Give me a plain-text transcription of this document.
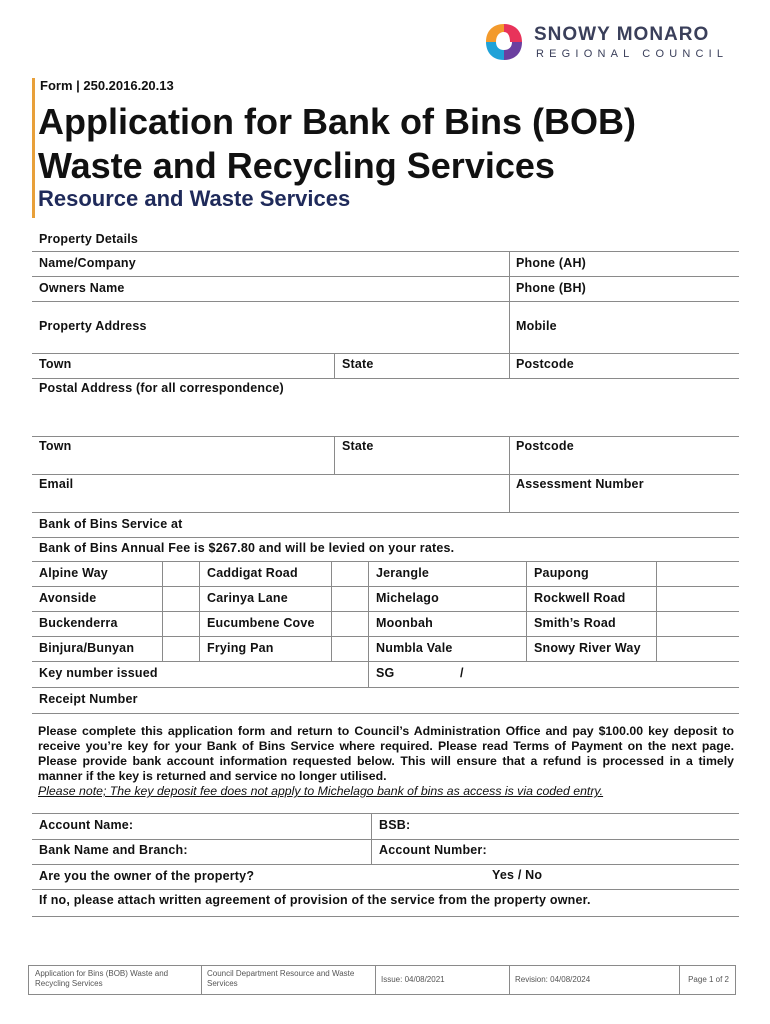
SNOWY MONARO
REGIONAL COUNCIL
Form | 250.2016.20.13
Application for Bank of Bins (BOB)
Waste and Recycling Services
Resource and Waste Services
Property Details
Name/Company	Phone (AH)
Owners Name	Phone (BH)
Property Address	Mobile
Town	State	Postcode
Postal Address (for all correspondence)
Town	State	Postcode
Email	Assessment Number
Bank of Bins Service at
Bank of Bins Annual Fee is $267.80 and will be levied on your rates.
Alpine Way	Caddigat Road	Jerangle	Paupong
Avonside	Carinya Lane	Michelago	Rockwell Road
Buckenderra	Eucumbene Cove	Moonbah	Smith’s Road
Binjura/Bunyan	Frying Pan	Numbla Vale	Snowy River Way
Key number issued	SG	/
Receipt Number
Please complete this application form and return to Council’s Administration Office and pay $100.00 key deposit to receive you’re key for your Bank of Bins Service where required. Please read Terms of Payment on the next page. Please provide bank account information requested below. This will ensure that a refund is processed in a timely manner if the key is returned and service no longer utilised.
Please note; The key deposit fee does not apply to Michelago bank of bins as access is via coded entry.
Account Name:	BSB:
Bank Name and Branch:	Account Number:
Are you the owner of the property?	Yes / No
If no, please attach written agreement of provision of the service from the property owner.
Application for Bins (BOB) Waste and Recycling Services
Council Department Resource and Waste Services	Issue: 04/08/2021	Revision: 04/08/2024	Page 1 of 2
